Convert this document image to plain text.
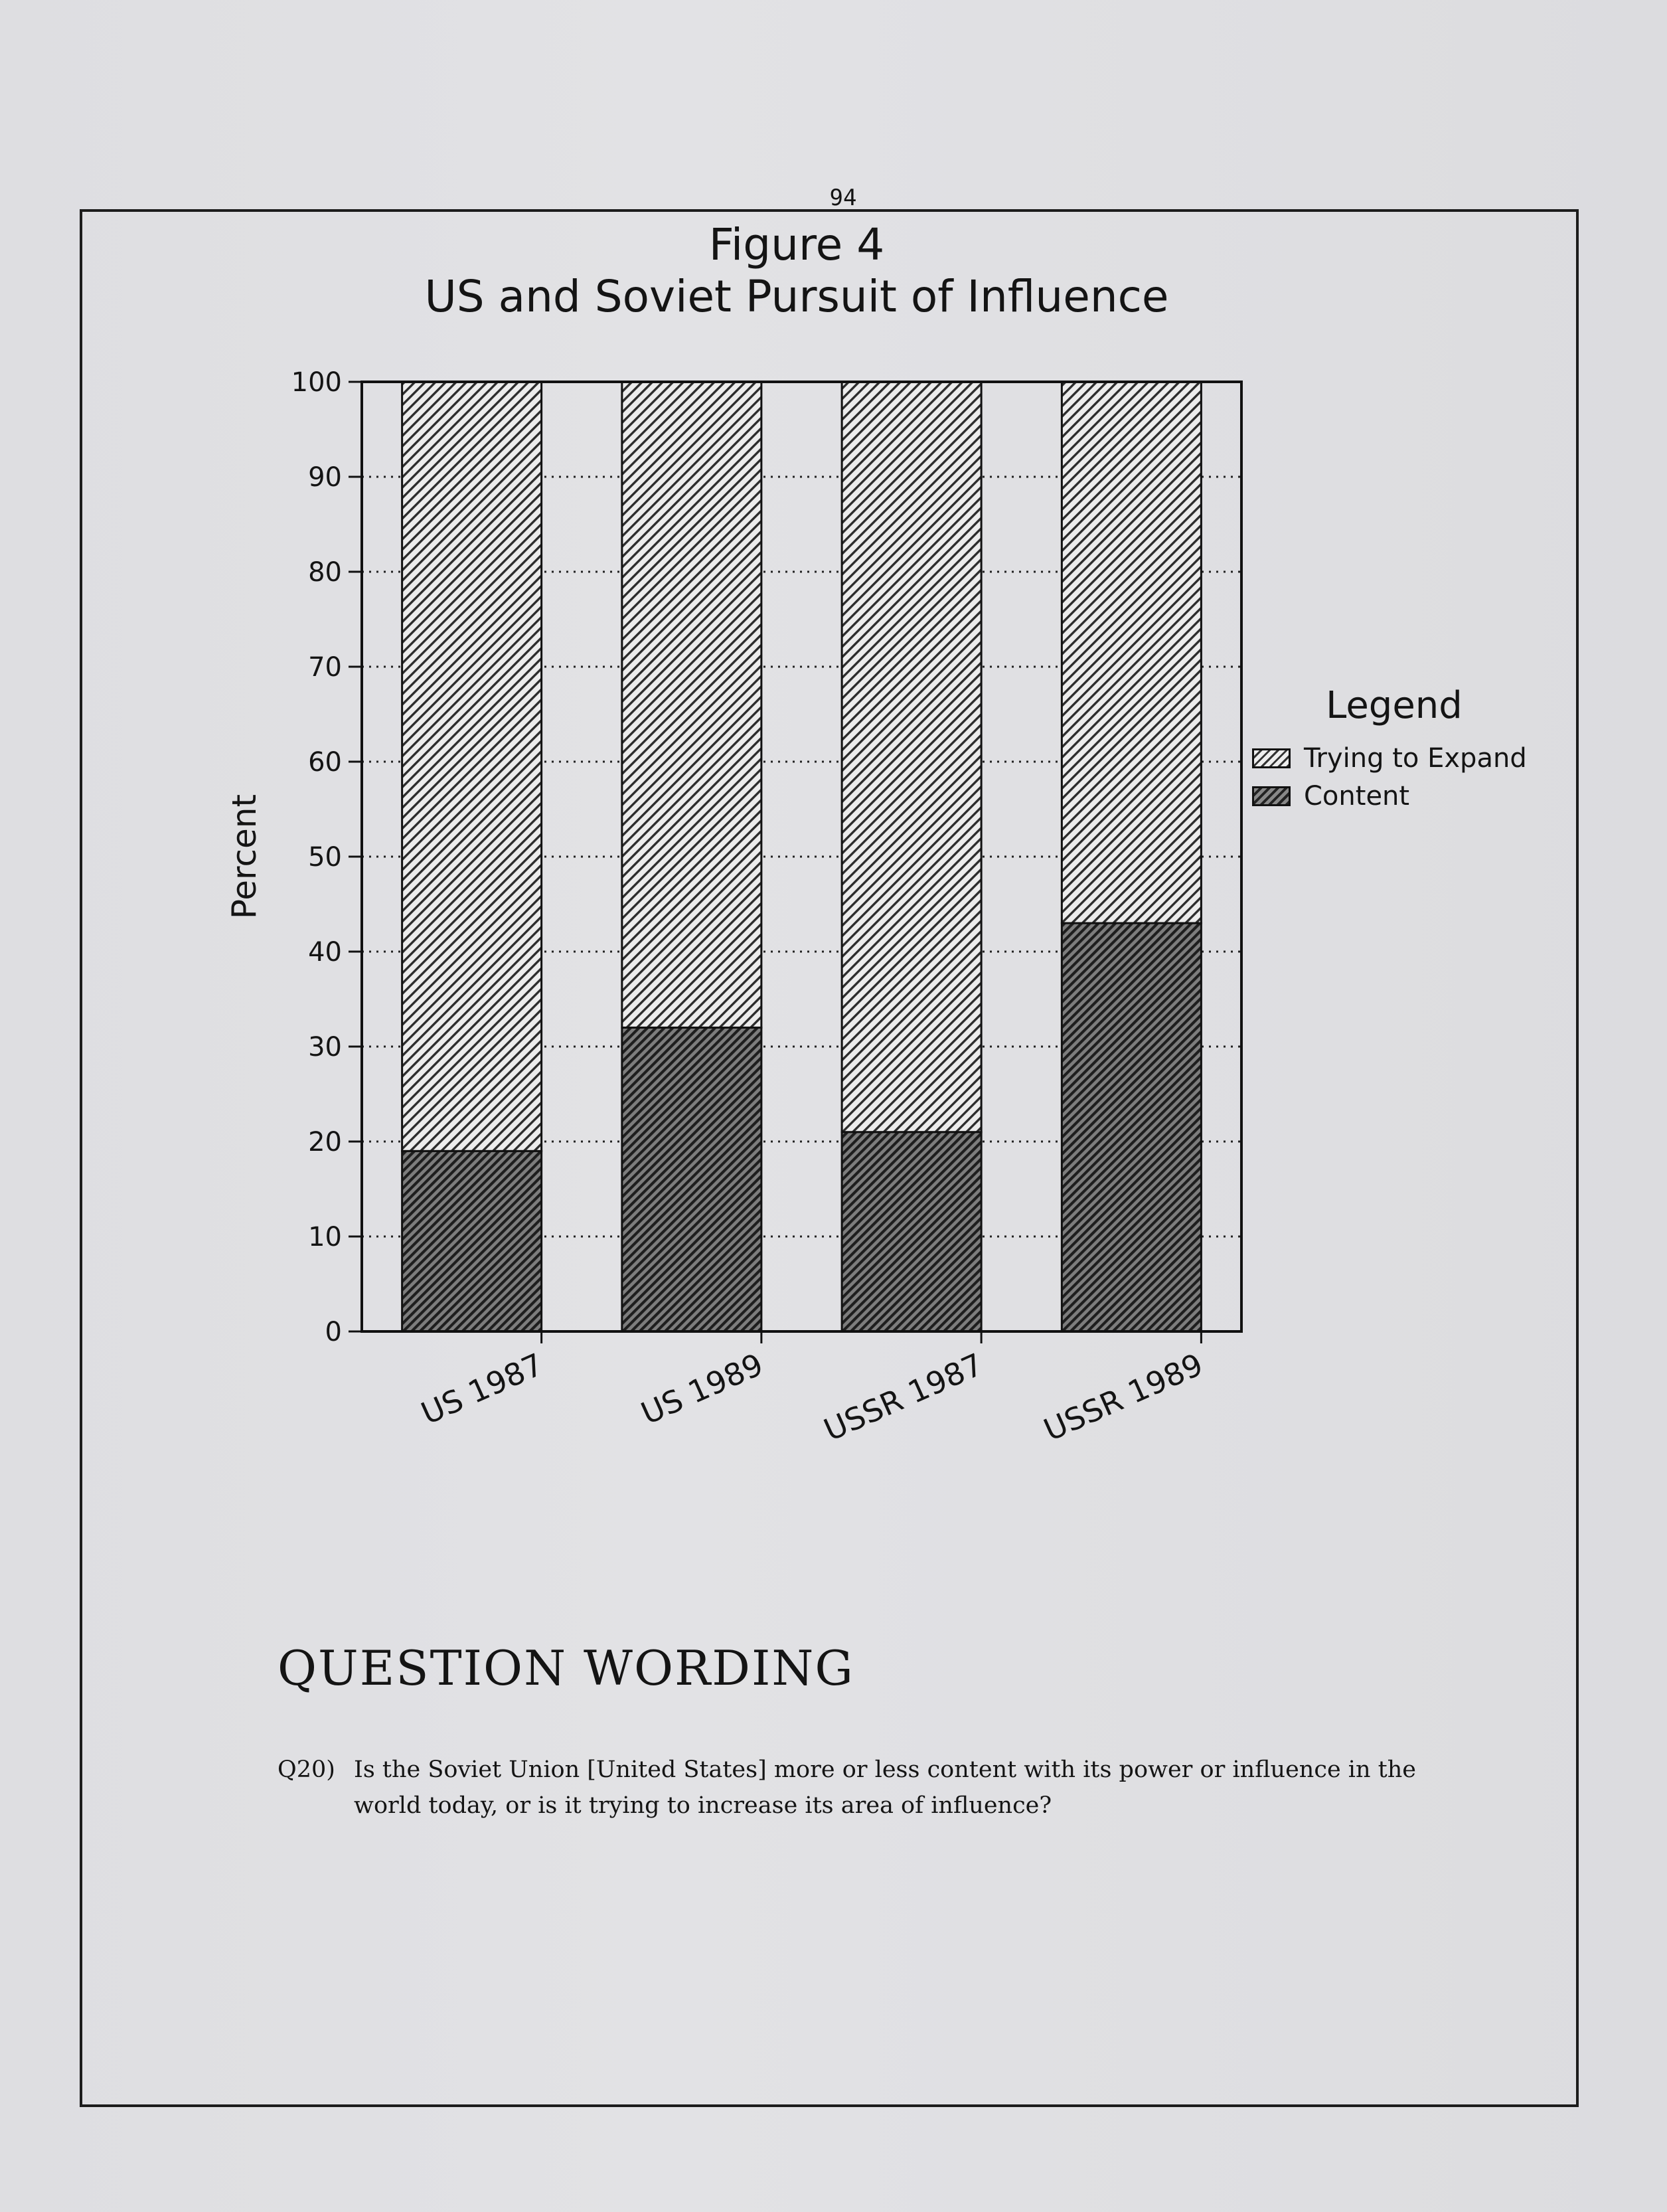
94
Figure 4
US and Soviet Pursuit of Influence
US 1987	US 1989 USSR 1987 USSR 1989
0
10
20
30
40
50
60
70
80
90
100
Percent
Legend
Trying to Expand
Content
QUESTION WORDING
Q20) Is the Soviet Union [United States] more or less content with its power or influence in the world today, or is it trying to increase its area of influence?
